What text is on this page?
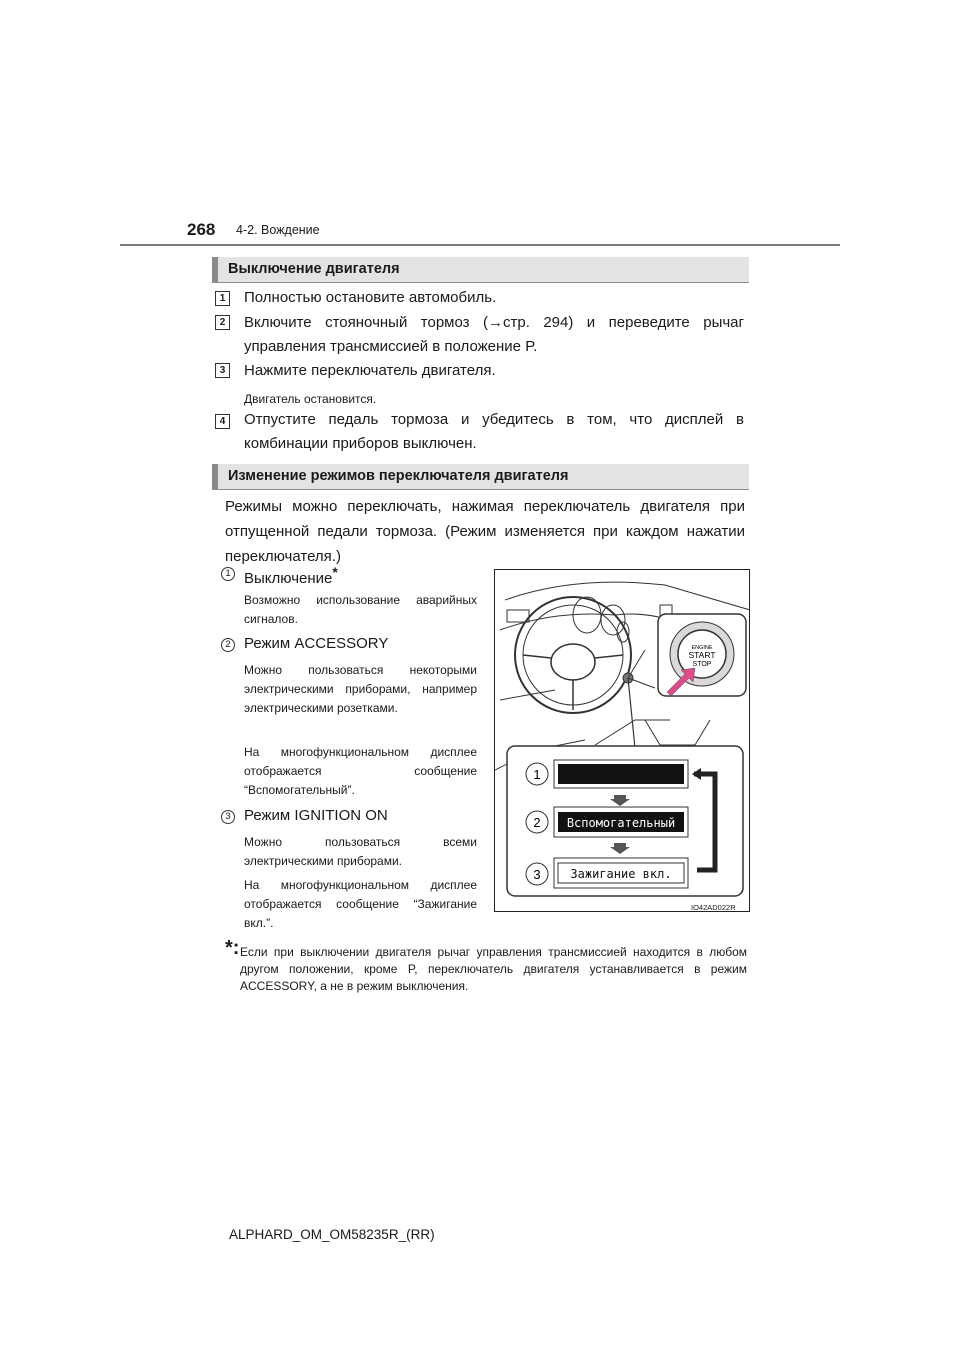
268 4-2. Вождение
Выключение двигателя
1	Полностью остановите автомобиль.
2	Включите стояночный тормоз (→стр. 294) и переведите рычаг
управления трансмиссией в положение P.
3	Нажмите переключатель двигателя.
Двигатель остановится.
4	Отпустите педаль тормоза и убедитесь в том, что дисплей в
комбинации приборов выключен.
Изменение режимов переключателя двигателя
Режимы можно переключать, нажимая переключатель двигателя при
отпущенной педали тормоза. (Режим изменяется при каждом нажатии
переключателя.)
1 Выключение*
Возможно использование аварийных сигналов.
2 Режим ACCESSORY
Можно пользоваться некоторыми электрическими приборами, например электрическими розетками.
На многофункциональном дисплее отображается сообщение “Вспомогательный”.
3 Режим IGNITION ON
Можно пользоваться всеми электрическими приборами.
На многофункциональном дисплее отображается сообщение “Зажигание вкл.”.
ENGINE
START
STOP
1
2 Вспомогательный
3 Зажигание вкл.
IO42AD022R
*: Если при выключении двигателя рычаг управления трансмиссией находится в любом другом положении, кроме P, переключатель двигателя устанавливается в режим ACCESSORY, а не в режим выключения.
ALPHARD_OM_OM58235R_(RR)
